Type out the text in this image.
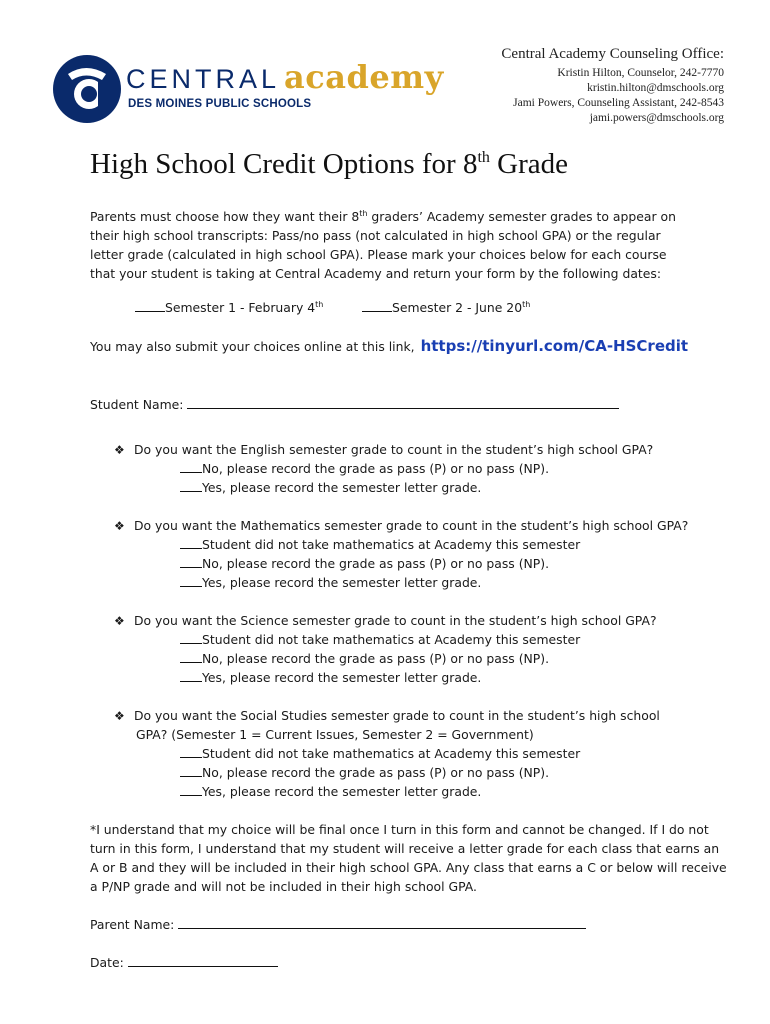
CENTRAL academy
DES MOINES PUBLIC SCHOOLS
Central Academy Counseling Office:
Kristin Hilton, Counselor, 242-7770
kristin.hilton@dmschools.org
Jami Powers, Counseling Assistant, 242-8543
jami.powers@dmschools.org
High School Credit Options for 8th Grade
Parents must choose how they want their 8th graders’ Academy semester grades to appear on their high school transcripts: Pass/no pass (not calculated in high school GPA) or the regular letter grade (calculated in high school GPA). Please mark your choices below for each course that your student is taking at Central Academy and return your form by the following dates:
Semester 1 - February 4th	Semester 2 - June 20th
You may also submit your choices online at this link, https://tinyurl.com/CA-HSCredit
Student Name:
❖ Do you want the English semester grade to count in the student’s high school GPA?
No, please record the grade as pass (P) or no pass (NP).
Yes, please record the semester letter grade.
❖ Do you want the Mathematics semester grade to count in the student’s high school GPA?
Student did not take mathematics at Academy this semester
No, please record the grade as pass (P) or no pass (NP).
Yes, please record the semester letter grade.
❖ Do you want the Science semester grade to count in the student’s high school GPA?
Student did not take mathematics at Academy this semester
No, please record the grade as pass (P) or no pass (NP).
Yes, please record the semester letter grade.
❖ Do you want the Social Studies semester grade to count in the student’s high school
GPA? (Semester 1 = Current Issues, Semester 2 = Government)
Student did not take mathematics at Academy this semester
No, please record the grade as pass (P) or no pass (NP).
Yes, please record the semester letter grade.
*I understand that my choice will be final once I turn in this form and cannot be changed. If I do not turn in this form, I understand that my student will receive a letter grade for each class that earns an A or B and they will be included in their high school GPA. Any class that earns a C or below will receive a P/NP grade and will not be included in their high school GPA.
Parent Name:
Date:
